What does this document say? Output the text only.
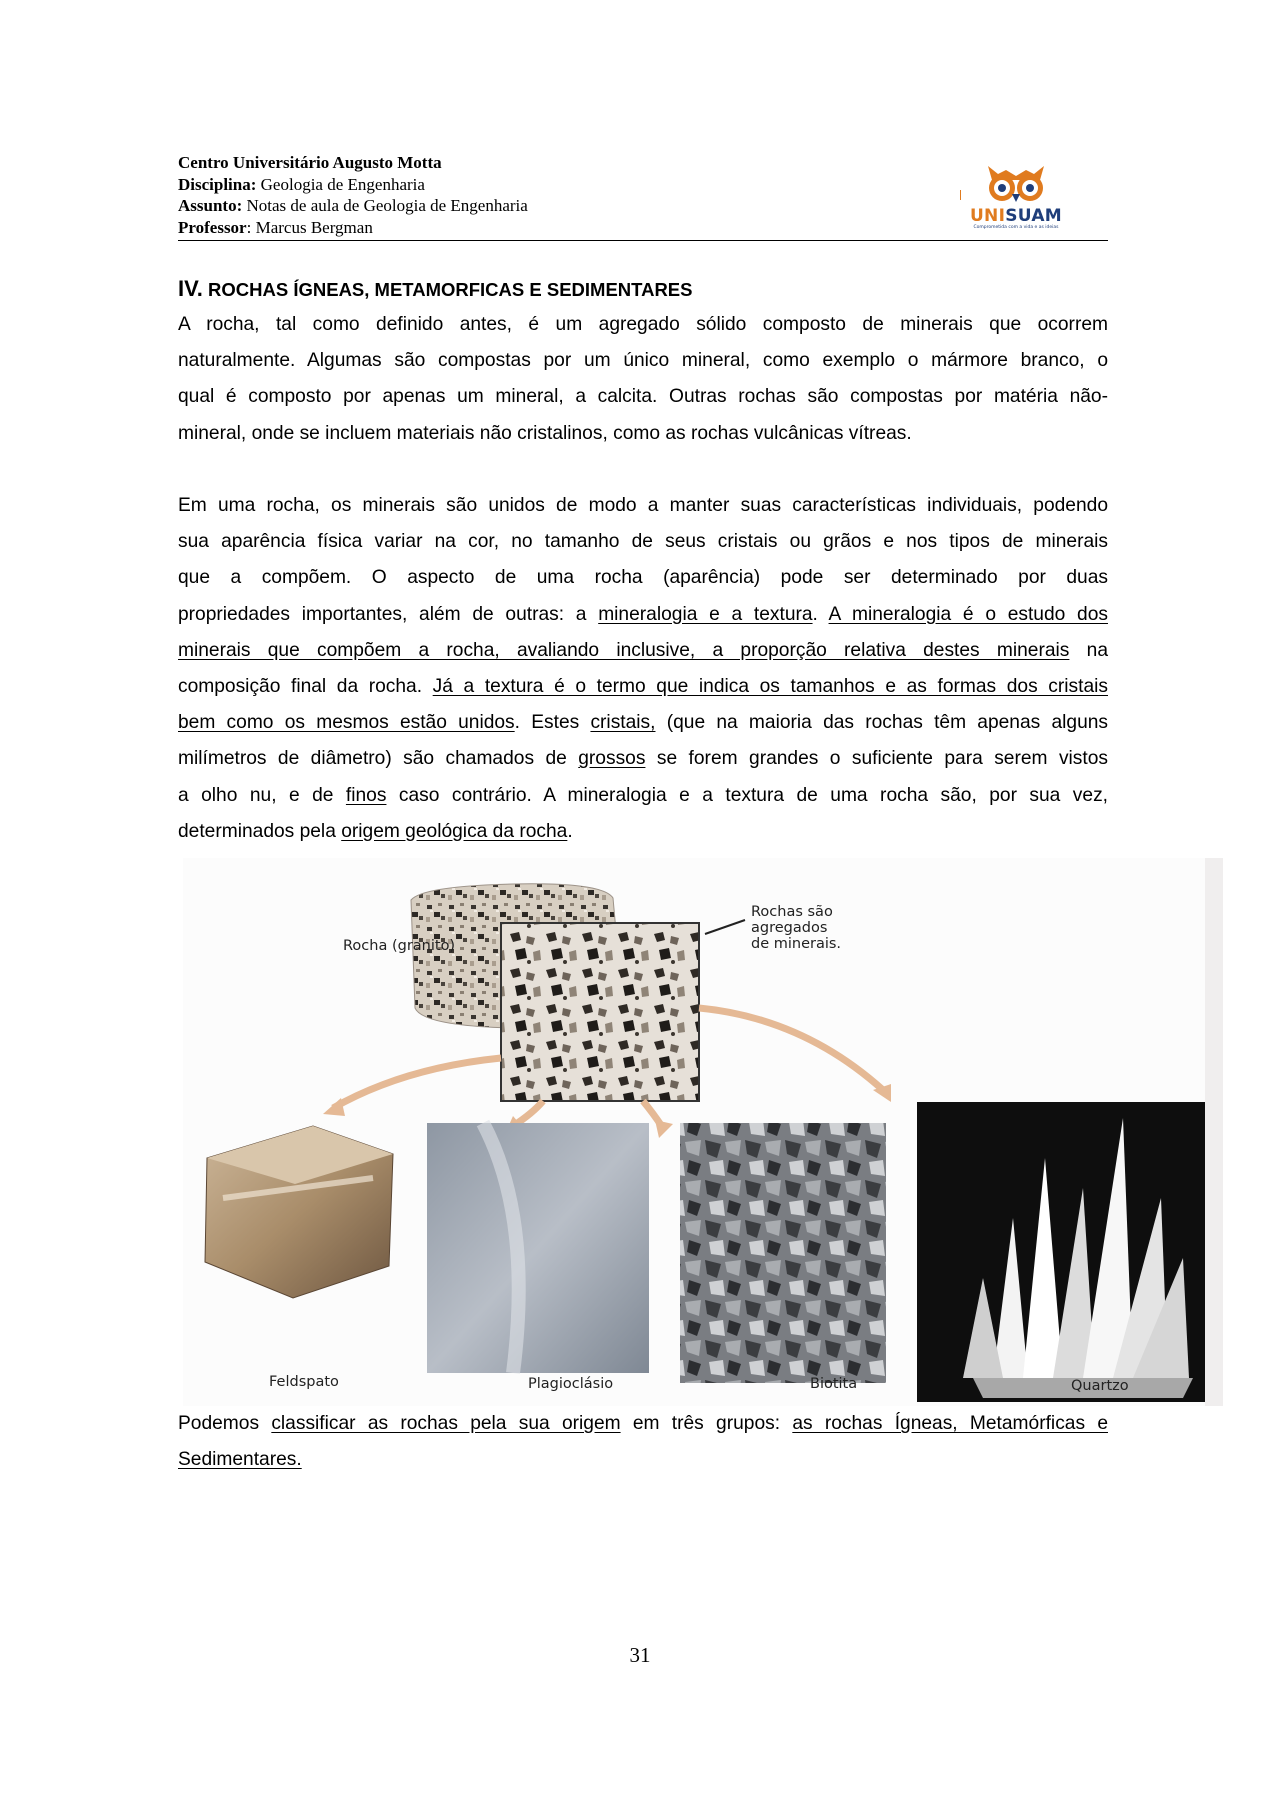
Centro Universitário Augusto Motta
Disciplina: Geologia de Engenharia
Assunto: Notas de aula de Geologia de Engenharia
Professor: Marcus Bergman
UNISUAM
Comprometida com a vida e as ideias
IV. ROCHAS ÍGNEAS, METAMORFICAS E SEDIMENTARES
A rocha, tal como definido antes, é um agregado sólido composto de minerais que ocorrem
naturalmente. Algumas são compostas por um único mineral, como exemplo o mármore branco, o
qual é composto por apenas um mineral, a calcita. Outras rochas são compostas por matéria não-
mineral, onde se incluem materiais não cristalinos, como as rochas vulcânicas vítreas.
Em uma rocha, os minerais são unidos de modo a manter suas características individuais, podendo
sua aparência física variar na cor, no tamanho de seus cristais ou grãos e nos tipos de minerais
que a compõem. O aspecto de uma rocha (aparência) pode ser determinado por duas
propriedades importantes, além de outras: a mineralogia e a textura. A mineralogia é o estudo dos
minerais que compõem a rocha, avaliando inclusive, a proporção relativa destes minerais na
composição final da rocha. Já a textura é o termo que indica os tamanhos e as formas dos cristais
bem como os mesmos estão unidos. Estes cristais, (que na maioria das rochas têm apenas alguns
milímetros de diâmetro) são chamados de grossos se forem grandes o suficiente para serem vistos
a olho nu, e de finos caso contrário. A mineralogia e a textura de uma rocha são, por sua vez,
determinados pela origem geológica da rocha.
Rocha (granito)
Rochas são
agregados
de minerais.
Feldspato	Plagioclásio	Biotita	Quartzo
Podemos classificar as rochas pela sua origem em três grupos: as rochas Ígneas, Metamórficas e
Sedimentares.
31
